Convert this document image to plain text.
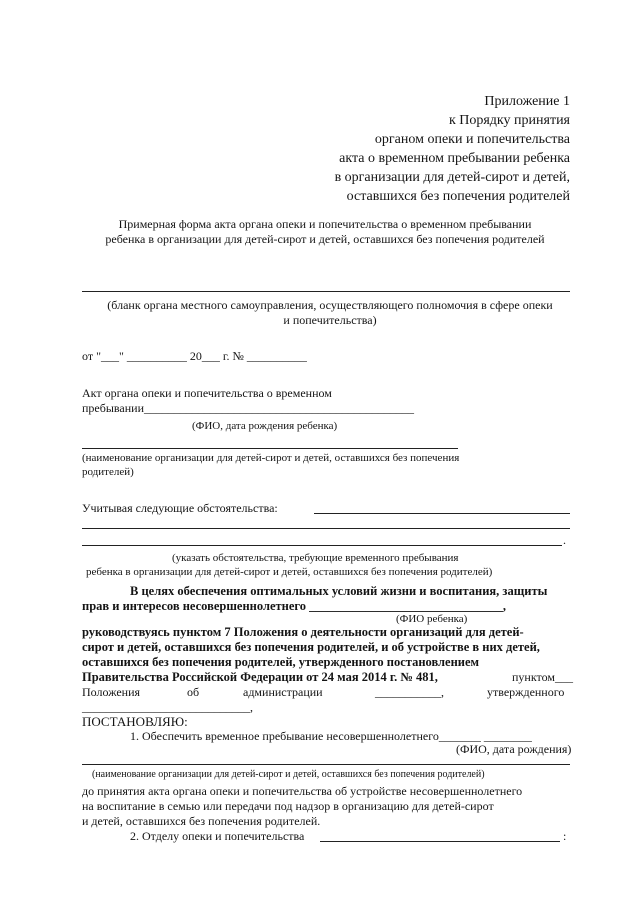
Приложение 1
к Порядку принятия
органом опеки и попечительства
акта о временном пребывании ребенка
в организации для детей-сирот и детей,
оставшихся без попечения родителей
Примерная форма акта органа опеки и попечительства о временном пребывании
ребенка в организации для детей-сирот и детей, оставшихся без попечения родителей
(бланк органа местного самоуправления, осуществляющего полномочия в сфере опеки
и попечительства)
от "___" __________ 20___ г. № __________
Акт органа опеки и попечительства о временном
пребывании_____________________________________________
(ФИО, дата рождения ребенка)
(наименование организации для детей-сирот и детей, оставшихся без попечения
родителей)
Учитывая следующие обстоятельства:
.
(указать обстоятельства, требующие временного пребывания
ребенка в организации для детей-сирот и детей, оставшихся без попечения родителей)
В целях обеспечения оптимальных условий жизни и воспитания, защиты
прав и интересов несовершеннолетнего _______________________________,
(ФИО ребенка)
руководствуясь пунктом 7 Положения о деятельности организаций для детей-
сирот и детей, оставшихся без попечения родителей, и об устройстве в них детей,
оставшихся без попечения родителей, утвержденного постановлением
Правительства Российской Федерации от 24 мая 2014 г. № 481,	пунктом___
Положения	об	администрации	___________,	утвержденного
____________________________,
ПОСТАНОВЛЯЮ:
1. Обеспечить временное пребывание несовершеннолетнего_______ ________
(ФИО, дата рождения)
(наименование организации для детей-сирот и детей, оставшихся без попечения родителей)
до принятия акта органа опеки и попечительства об устройстве несовершеннолетнего
на воспитание в семью или передачи под надзор в организацию для детей-сирот
и детей, оставшихся без попечения родителей.
2. Отделу опеки и попечительства	:
